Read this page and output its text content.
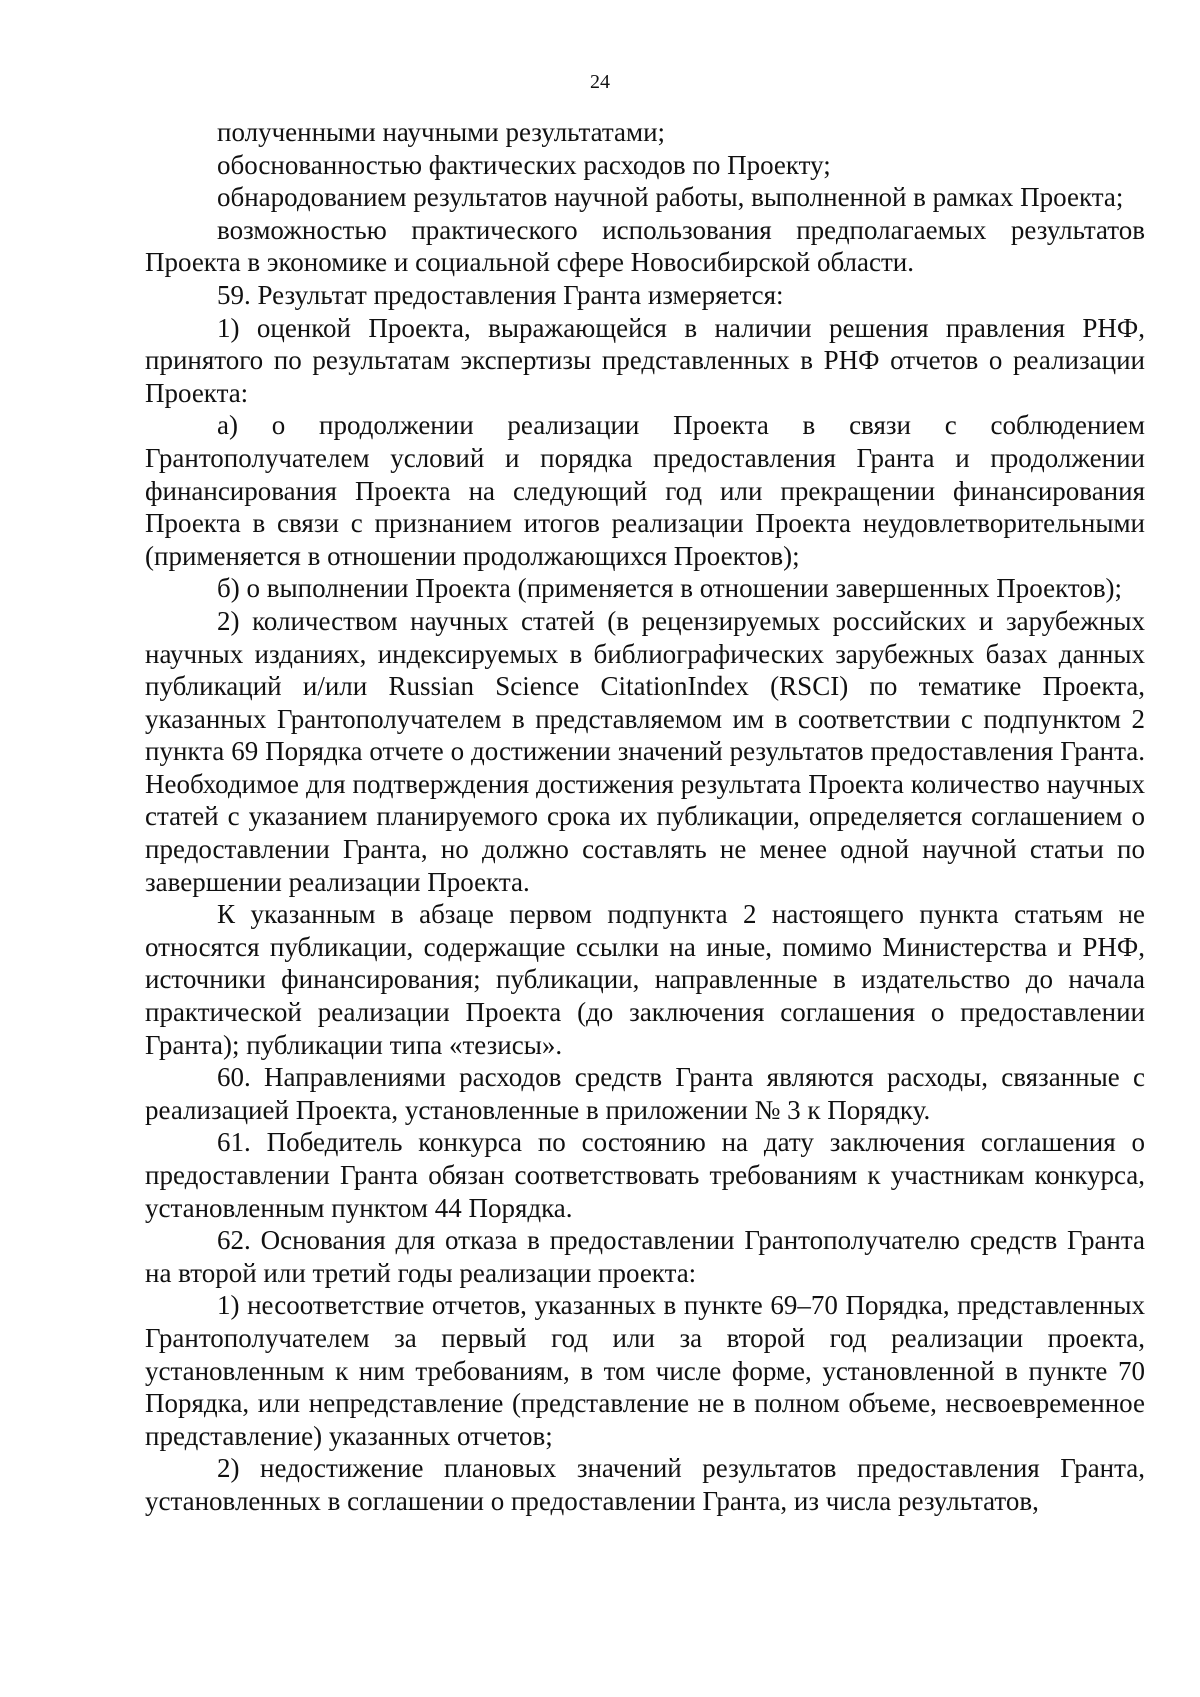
24

полученными научными результатами;

обоснованностью фактических расходов по Проекту;

обнародованием результатов научной работы, выполненной в рамках Проекта;

возможностью практического использования предполагаемых результатов Проекта в экономике и социальной сфере Новосибирской области.

59. Результат предоставления Гранта измеряется:

1) оценкой Проекта, выражающейся в наличии решения правления РНФ, принятого по результатам экспертизы представленных в РНФ отчетов о реализации Проекта:

а) о продолжении реализации Проекта в связи с соблюдением Грантополучателем условий и порядка предоставления Гранта и продолжении финансирования Проекта на следующий год или прекращении финансирования Проекта в связи с признанием итогов реализации Проекта неудовлетворительными (применяется в отношении продолжающихся Проектов);

б) о выполнении Проекта (применяется в отношении завершенных Проектов);

2) количеством научных статей (в рецензируемых российских и зарубежных научных изданиях, индексируемых в библиографических зарубежных базах данных публикаций и/или Russian Science CitationIndex (RSCI) по тематике Проекта, указанных Грантополучателем в представляемом им в соответствии с подпунктом 2 пункта 69 Порядка отчете о достижении значений результатов предоставления Гранта. Необходимое для подтверждения достижения результата Проекта количество научных статей с указанием планируемого срока их публикации, определяется соглашением о предоставлении Гранта, но должно составлять не менее одной научной статьи по завершении реализации Проекта.

К указанным в абзаце первом подпункта 2 настоящего пункта статьям не относятся публикации, содержащие ссылки на иные, помимо Министерства и РНФ, источники финансирования; публикации, направленные в издательство до начала практической реализации Проекта (до заключения соглашения о предоставлении Гранта); публикации типа «тезисы».

60. Направлениями расходов средств Гранта являются расходы, связанные с реализацией Проекта, установленные в приложении № 3 к Порядку.

61. Победитель конкурса по состоянию на дату заключения соглашения о предоставлении Гранта обязан соответствовать требованиям к участникам конкурса, установленным пунктом 44 Порядка.

62. Основания для отказа в предоставлении Грантополучателю средств Гранта на второй или третий годы реализации проекта:

1) несоответствие отчетов, указанных в пункте 69–70 Порядка, представленных Грантополучателем за первый год или за второй год реализации проекта, установленным к ним требованиям, в том числе форме, установленной в пункте 70 Порядка, или непредставление (представление не в полном объеме, несвоевременное представление) указанных отчетов;

2) недостижение плановых значений результатов предоставления Гранта, установленных в соглашении о предоставлении Гранта, из числа результатов,
